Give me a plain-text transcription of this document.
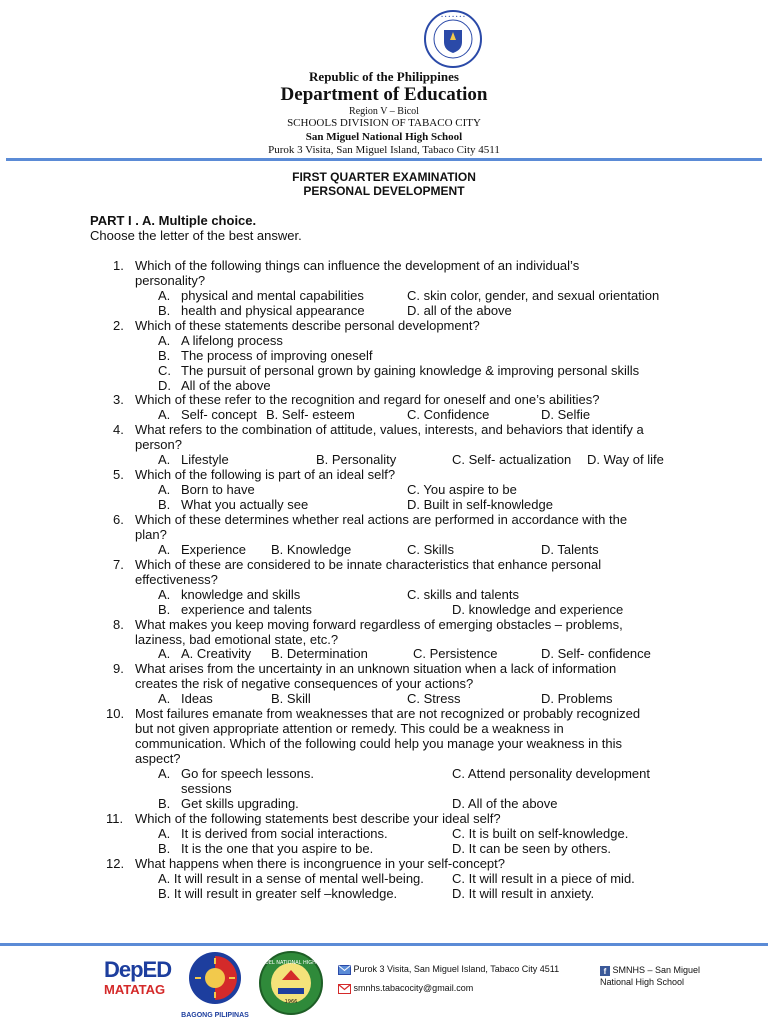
• • • • • • •
Republic of the Philippines
Department of Education
Region V – Bicol
SCHOOLS DIVISION OF TABACO CITY
San Miguel National High School
Purok 3 Visita, San Miguel Island, Tabaco City 4511
FIRST QUARTER EXAMINATION
PERSONAL DEVELOPMENT
PART I . A. Multiple choice.
Choose the letter of the best answer.
1. Which of the following things can influence the development of an individual’s
personality?
A. physical and mental capabilities	C. skin color, gender, and sexual orientation
B. health and physical appearance	D. all of the above
2. Which of these statements describe personal development?
A. A lifelong process
B. The process of improving oneself
C. The pursuit of personal grown by gaining knowledge & improving personal skills
D. All of the above
3. Which of these refer to the recognition and regard for oneself and one’s abilities?
A. Self- concept B. Self- esteem	C. Confidence	D. Selfie
4. What refers to the combination of attitude, values, interests, and behaviors that identify a
person?
A. Lifestyle	B. Personality	C. Self- actualization D. Way of life
5. Which of the following is part of an ideal self?
A. Born to have	C. You aspire to be
B. What you actually see	D. Built in self-knowledge
6. Which of these determines whether real actions are performed in accordance with the
plan?
A. Experience B. Knowledge	C. Skills	D. Talents
7. Which of these are considered to be innate characteristics that enhance personal
effectiveness?
A. knowledge and skills	C. skills and talents
B. experience and talents	D. knowledge and experience
8. What makes you keep moving forward regardless of emerging obstacles – problems,
laziness, bad emotional state, etc.?
A. A. Creativity B. Determination	C. Persistence	D. Self- confidence
9. What arises from the uncertainty in an unknown situation when a lack of information
creates the risk of negative consequences of your actions?
A. Ideas	B. Skill	C. Stress	D. Problems
10. Most failures emanate from weaknesses that are not recognized or probably recognized
but not given appropriate attention or remedy. This could be a weakness in
communication. Which of the following could help you manage your weakness in this
aspect?
A. Go for speech lessons.	C. Attend personality development
sessions
B. Get skills upgrading.	D. All of the above
11. Which of the following statements best describe your ideal self?
A. It is derived from social interactions.	C. It is built on self-knowledge.
B. It is the one that you aspire to be.	D. It can be seen by others.
12. What happens when there is incongruence in your self-concept?
A. It will result in a sense of mental well-being. C. It will result in a piece of mid.
B. It will result in greater self –knowledge.	D. It will result in anxiety.
DepED
MATATAG
BAGONG PILIPINAS
SAN MIGUEL NATIONAL HIGH SCHOOL
1966
Purok 3 Visita, San Miguel Island, Tabaco City 4511
smnhs.tabacocity@gmail.com
f SMNHS – San Miguel
National High School
